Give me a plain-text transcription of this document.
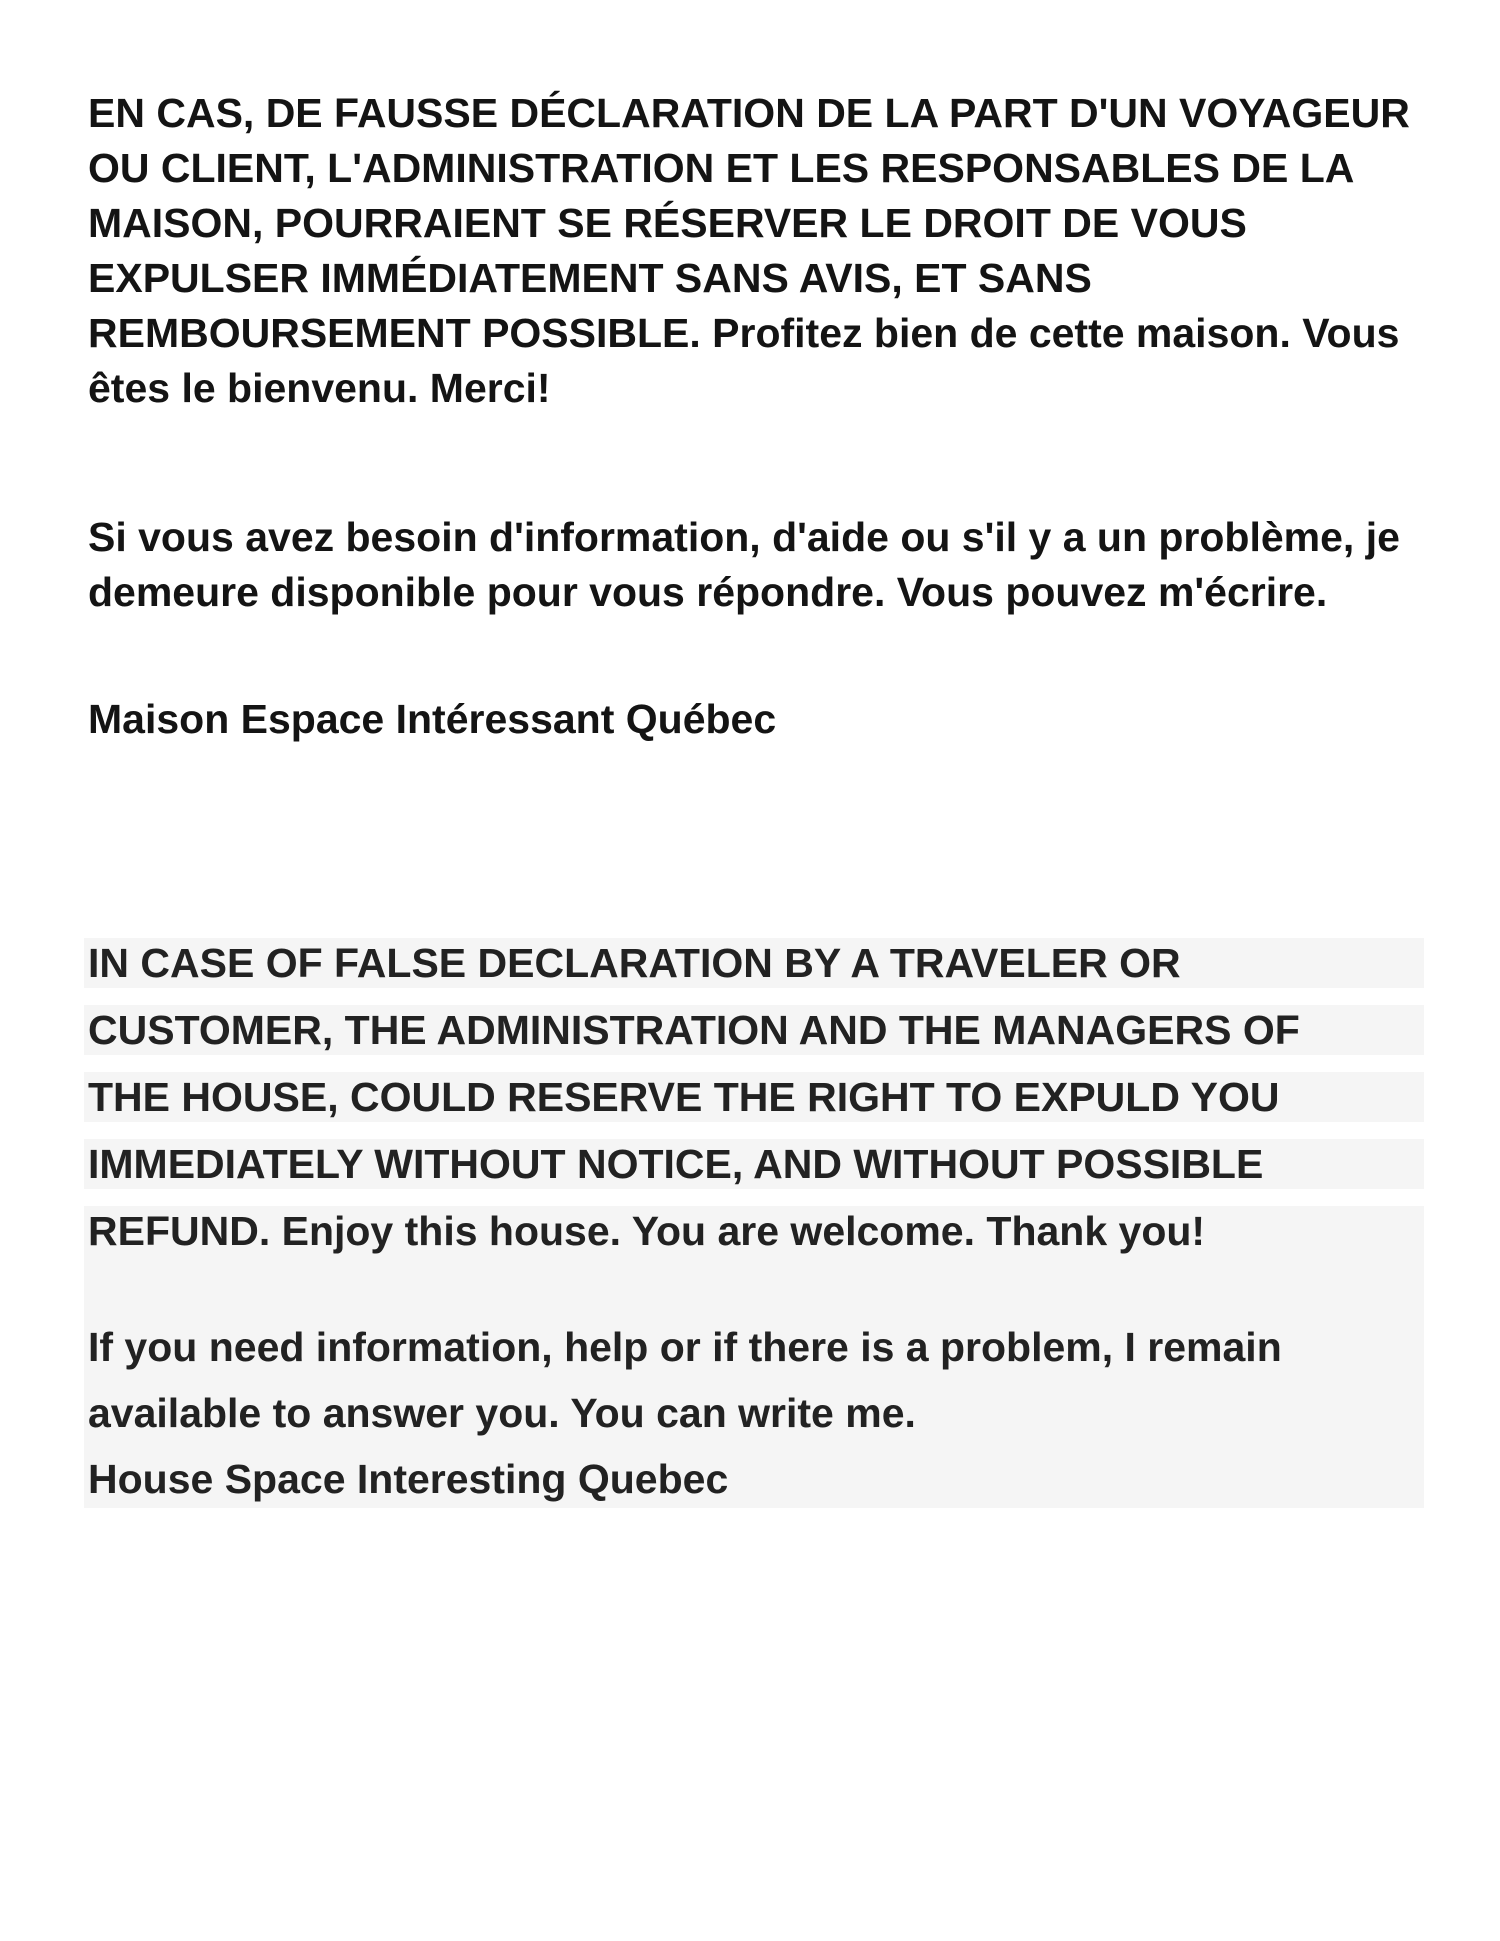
EN CAS, DE FAUSSE DÉCLARATION DE LA PART D'UN VOYAGEUR OU CLIENT, L'ADMINISTRATION ET LES RESPONSABLES DE LA MAISON, POURRAIENT SE RÉSERVER LE DROIT DE VOUS EXPULSER IMMÉDIATEMENT SANS AVIS, ET SANS REMBOURSEMENT POSSIBLE. Profitez bien de cette maison. Vous êtes le bienvenu. Merci!

Si vous avez besoin d'information, d'aide ou s'il y a un problème, je demeure disponible pour vous répondre. Vous pouvez m'écrire.

Maison Espace Intéressant Québec

IN CASE OF FALSE DECLARATION BY A TRAVELER OR
CUSTOMER, THE ADMINISTRATION AND THE MANAGERS OF
THE HOUSE, COULD RESERVE THE RIGHT TO EXPULD YOU
IMMEDIATELY WITHOUT NOTICE, AND WITHOUT POSSIBLE
REFUND. Enjoy this house. You are welcome. Thank you!
If you need information, help or if there is a problem, I remain
available to answer you. You can write me.
House Space Interesting Quebec
